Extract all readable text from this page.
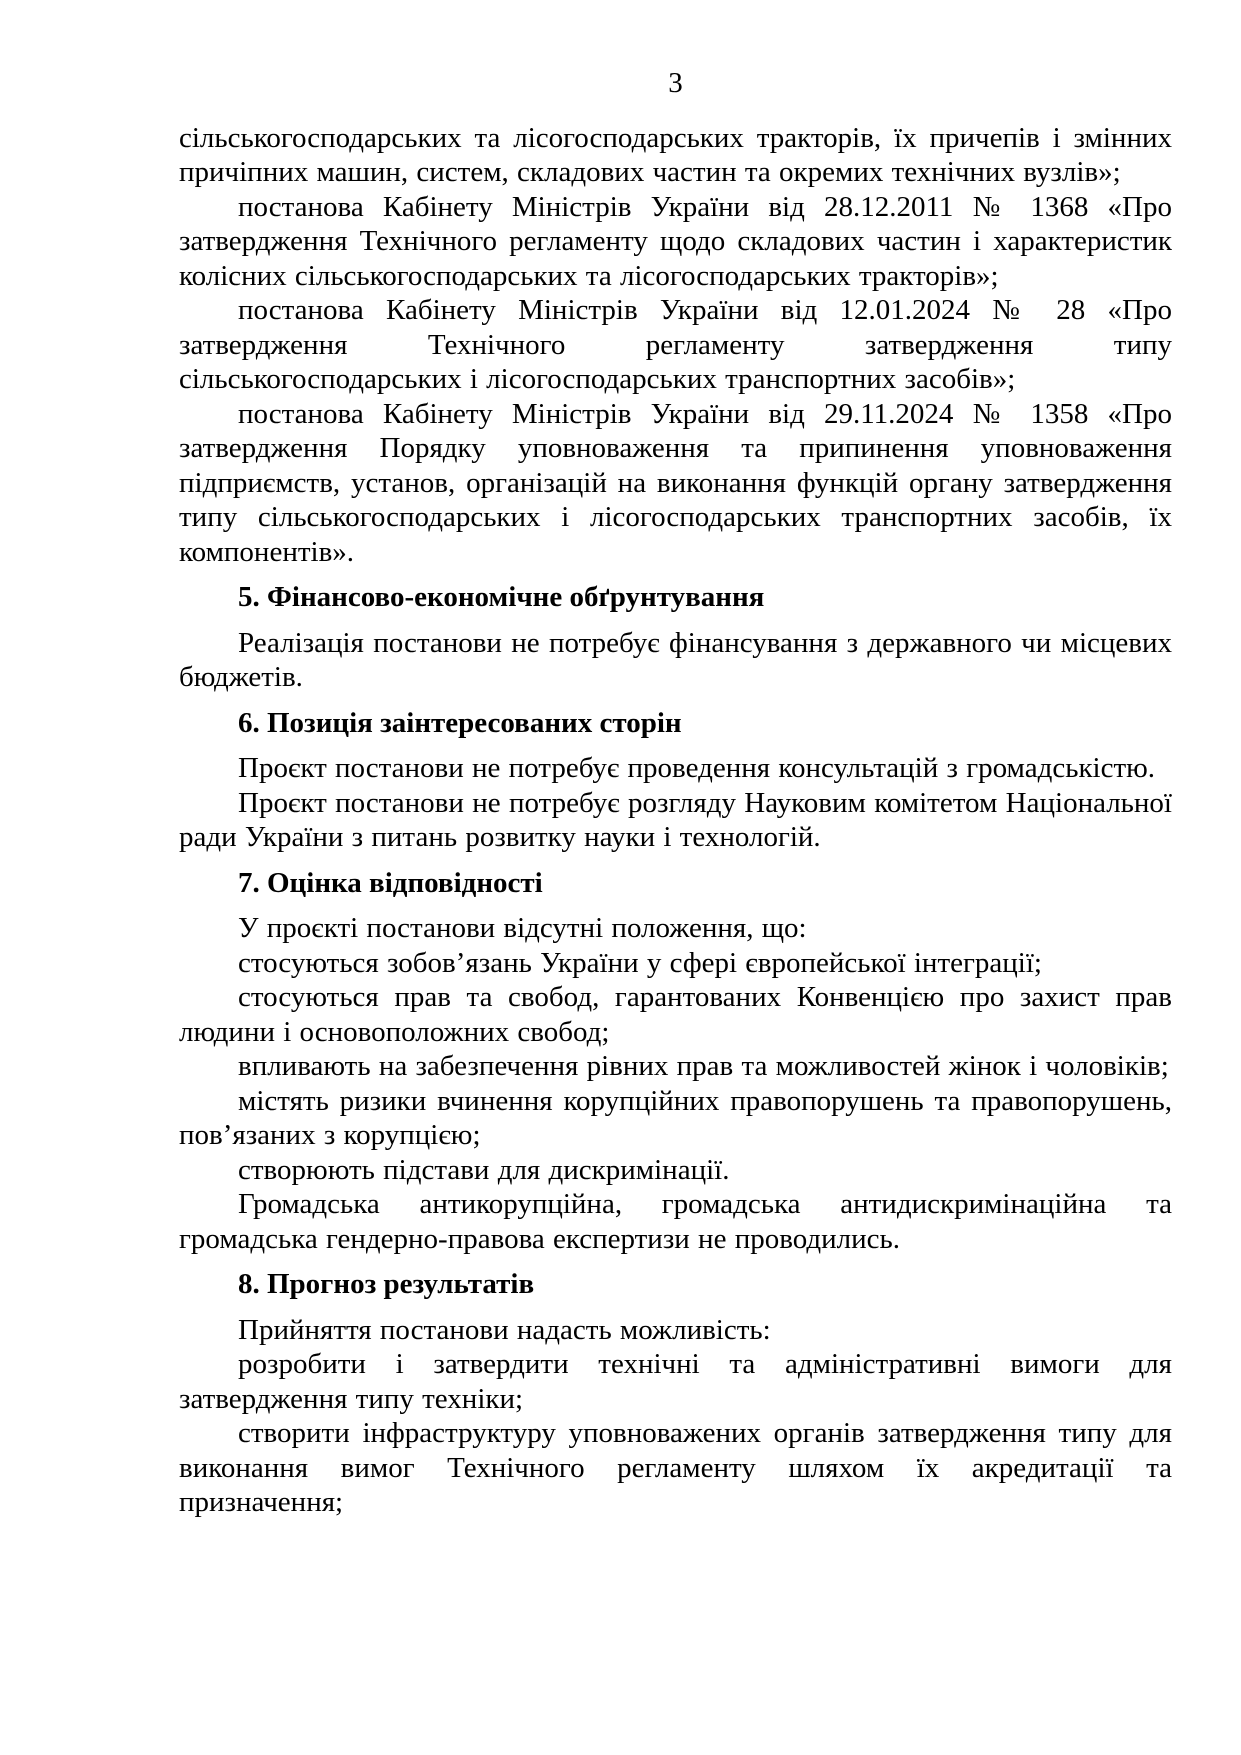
3

сільськогосподарських та лісогосподарських тракторів, їх причепів і змінних причіпних машин, систем, складових частин та окремих технічних вузлів»;

постанова Кабінету Міністрів України від 28.12.2011 № 1368 «Про затвердження Технічного регламенту щодо складових частин і характеристик колісних сільськогосподарських та лісогосподарських тракторів»;

постанова Кабінету Міністрів України від 12.01.2024 № 28 «Про затвердження Технічного регламенту затвердження типу сільськогосподарських і лісогосподарських транспортних засобів»;

постанова Кабінету Міністрів України від 29.11.2024 № 1358 «Про затвердження Порядку уповноваження та припинення уповноваження підприємств, установ, організацій на виконання функцій органу затвердження типу сільськогосподарських і лісогосподарських транспортних засобів, їх компонентів».

5. Фінансово-економічне обґрунтування

Реалізація постанови не потребує фінансування з державного чи місцевих бюджетів.

6. Позиція заінтересованих сторін

Проєкт постанови не потребує проведення консультацій з громадськістю.

Проєкт постанови не потребує розгляду Науковим комітетом Національної ради України з питань розвитку науки і технологій.

7. Оцінка відповідності

У проєкті постанови відсутні положення, що:

стосуються зобов’язань України у сфері європейської інтеграції;

стосуються прав та свобод, гарантованих Конвенцією про захист прав людини і основоположних свобод;

впливають на забезпечення рівних прав та можливостей жінок і чоловіків;

містять ризики вчинення корупційних правопорушень та правопорушень, пов’язаних з корупцією;

створюють підстави для дискримінації.

Громадська антикорупційна, громадська антидискримінаційна та громадська гендерно-правова експертизи не проводились.

8. Прогноз результатів

Прийняття постанови надасть можливість:

розробити і затвердити технічні та адміністративні вимоги для затвердження типу техніки;

створити інфраструктуру уповноважених органів затвердження типу для виконання вимог Технічного регламенту шляхом їх акредитації та призначення;
